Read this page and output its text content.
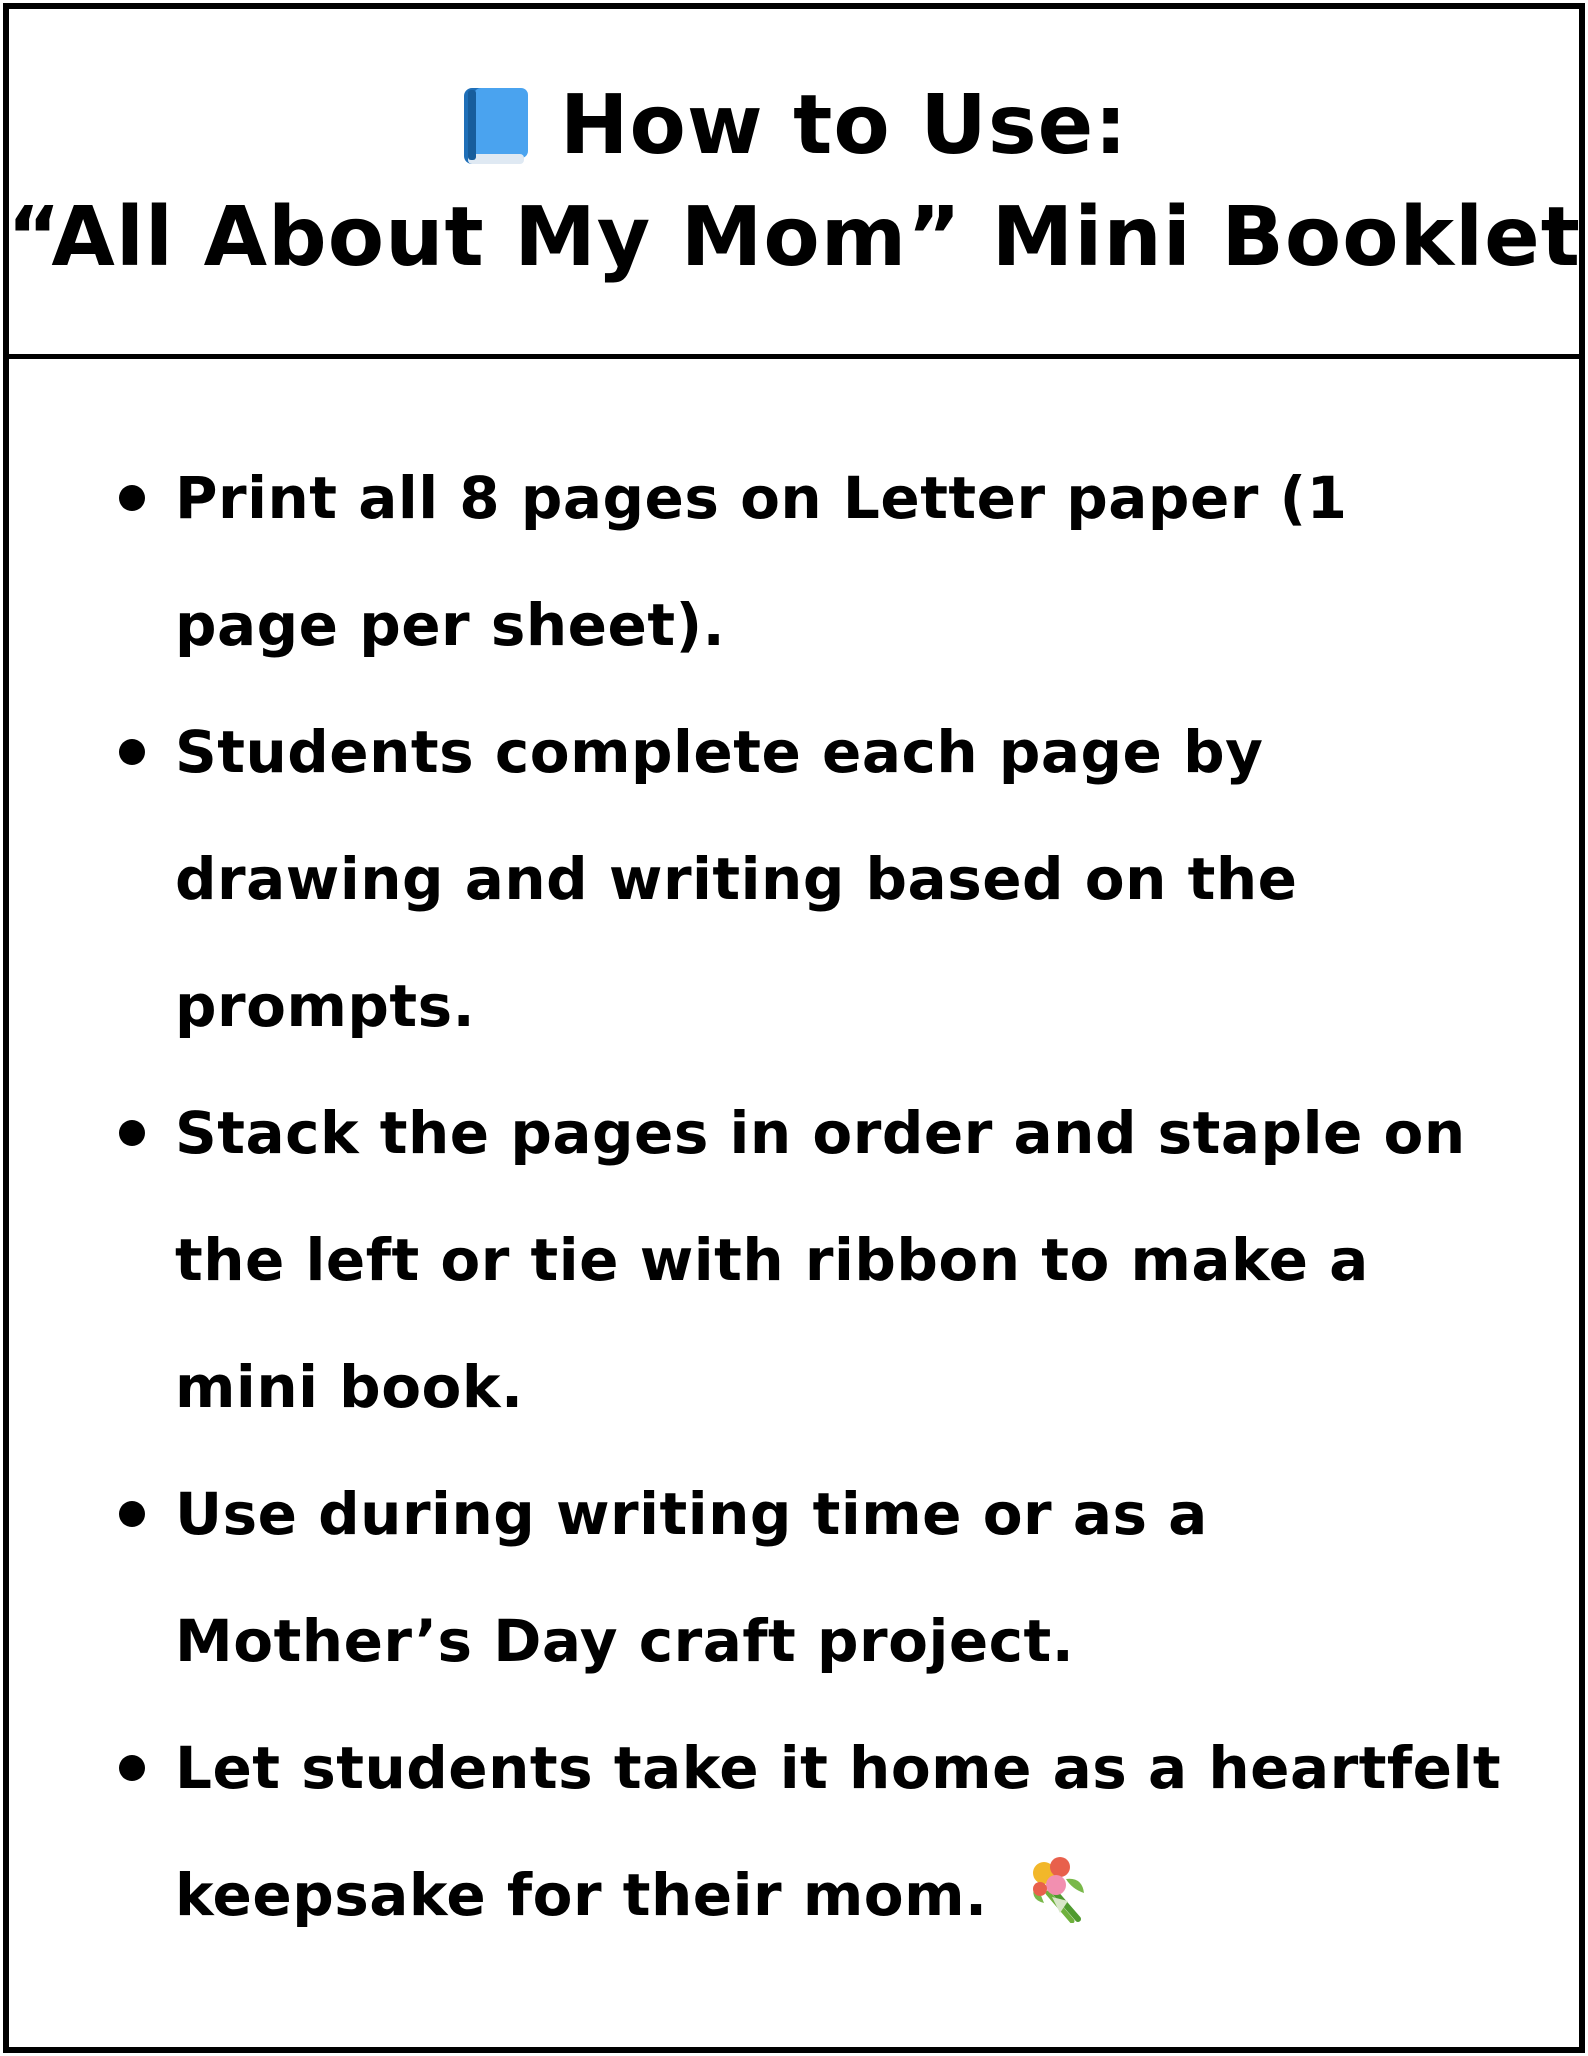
How to Use:
“All About My Mom” Mini Booklet
Print all 8 pages on Letter paper (1 page per sheet).
Students complete each page by drawing and writing based on the prompts.
Stack the pages in order and staple on the left or tie with ribbon to make a mini book.
Use during writing time or as a Mother’s Day craft project.
Let students take it home as a heartfelt keepsake for their mom.
